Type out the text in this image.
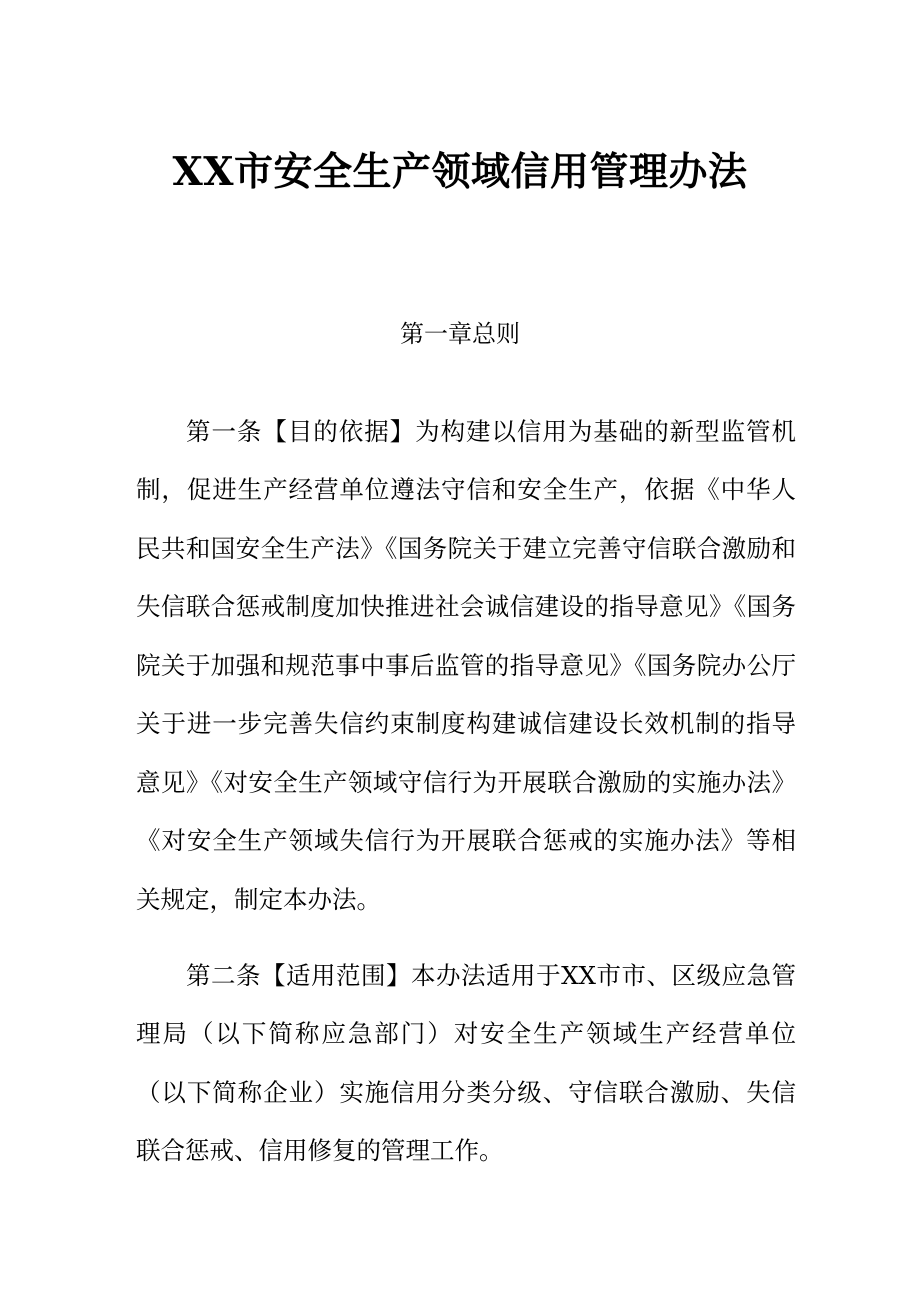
XX市安全生产领域信用管理办法
第一章总则

第一条【目的依据】为构建以信用为基础的新型监管机制，促进生产经营单位遵法守信和安全生产，依据《中华人民共和国安全生产法》《国务院关于建立完善守信联合激励和失信联合惩戒制度加快推进社会诚信建设的指导意见》《国务院关于加强和规范事中事后监管的指导意见》《国务院办公厅关于进一步完善失信约束制度构建诚信建设长效机制的指导意见》《对安全生产领域守信行为开展联合激励的实施办法》《对安全生产领域失信行为开展联合惩戒的实施办法》等相关规定，制定本办法。

第二条【适用范围】本办法适用于XX市市、区级应急管理局（以下简称应急部门）对安全生产领域生产经营单位（以下简称企业）实施信用分类分级、守信联合激励、失信联合惩戒、信用修复的管理工作。
